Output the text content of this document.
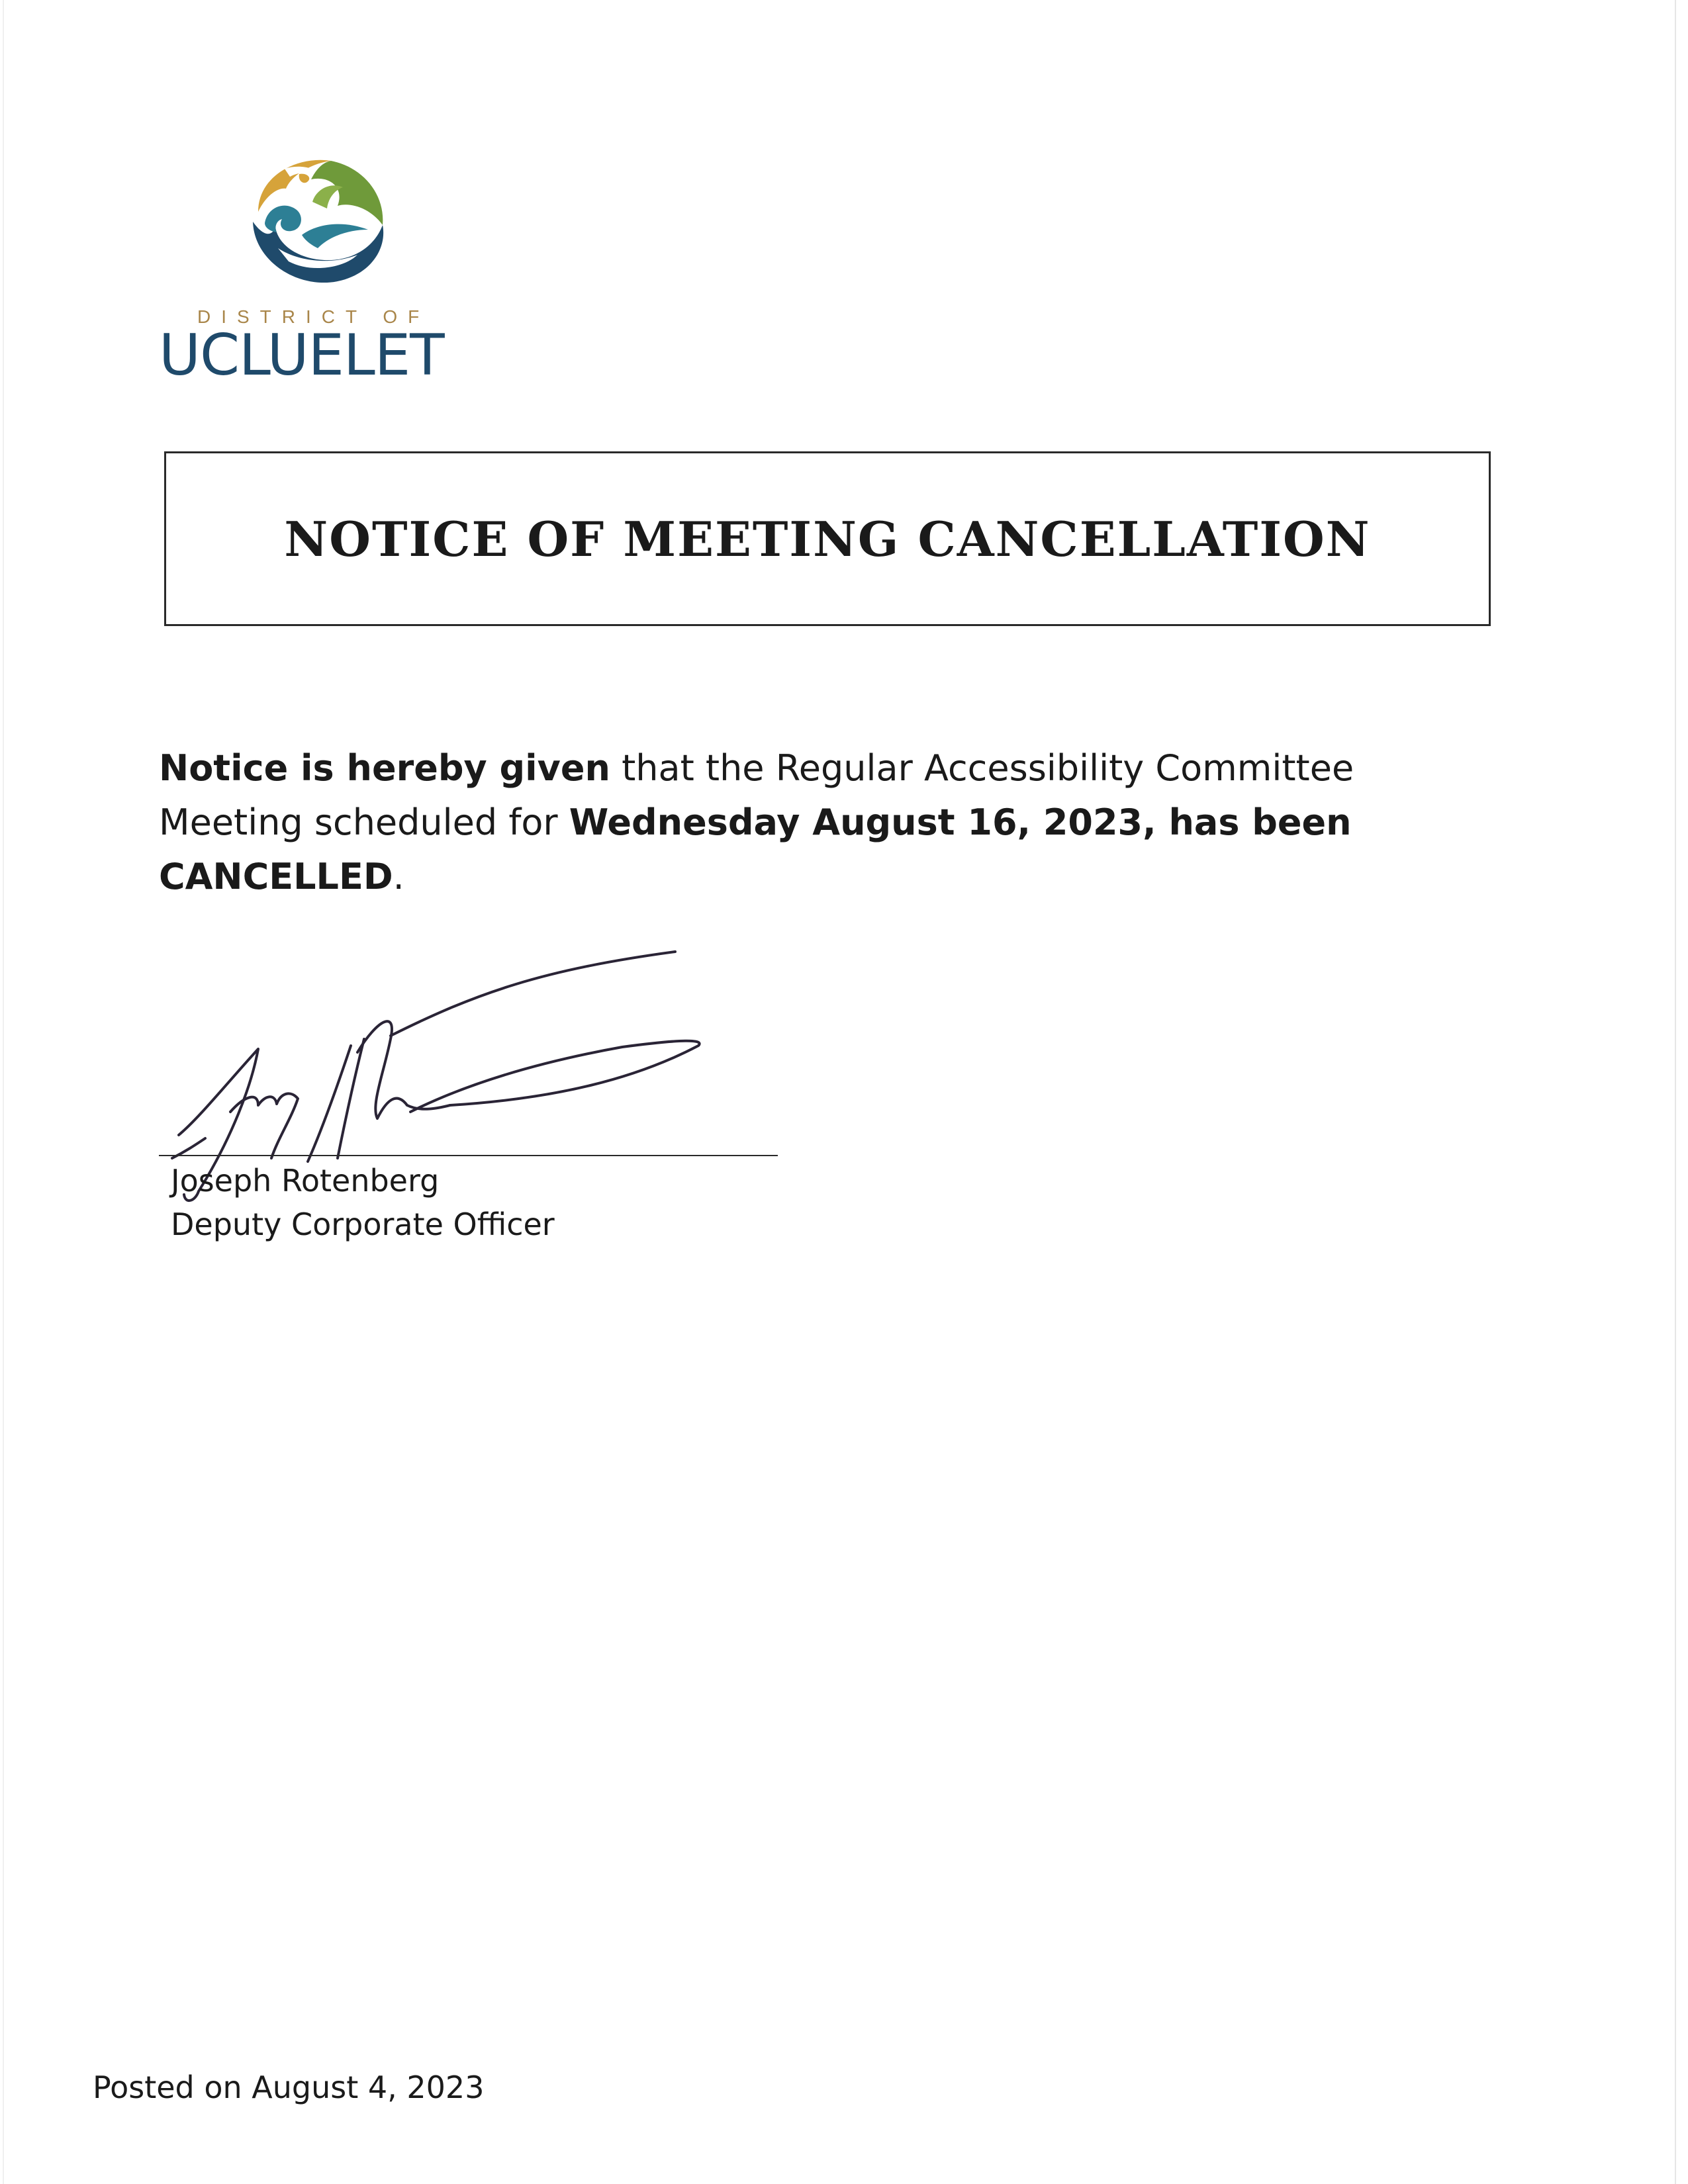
DISTRICT OF
UCLUELET
NOTICE OF MEETING CANCELLATION
Notice is hereby given that the Regular Accessibility Committee Meeting scheduled for Wednesday August 16, 2023, has been CANCELLED.
Joseph Rotenberg
Deputy Corporate Officer
Posted on August 4, 2023
